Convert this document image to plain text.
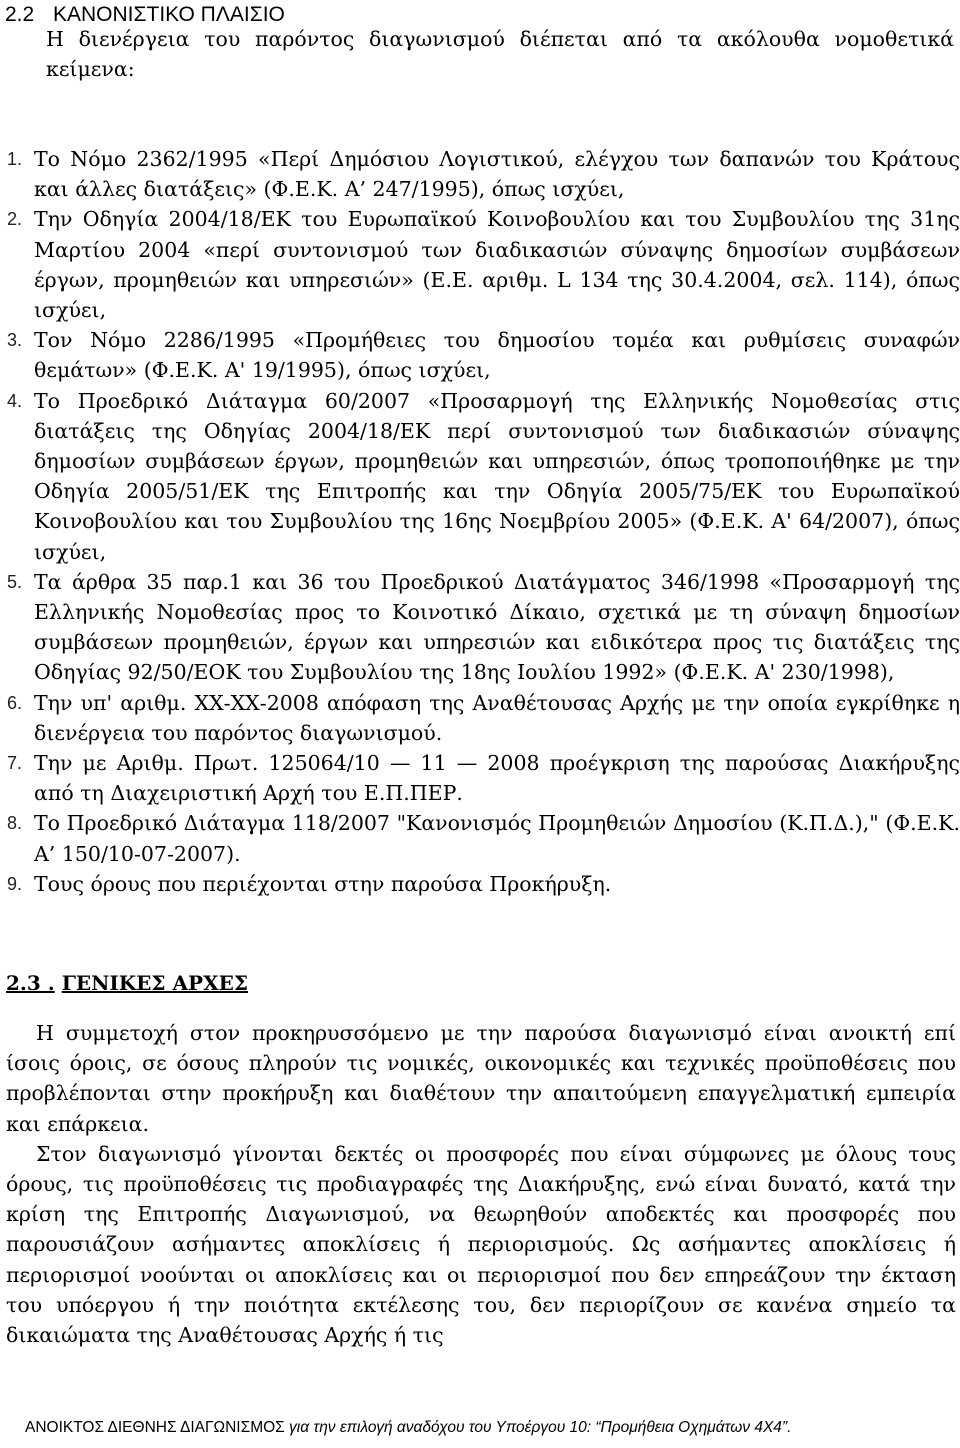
2.2 ΚΑΝΟΝΙΣΤΙΚΟ ΠΛΑΙΣΙΟ
Η διενέργεια του παρόντος διαγωνισμού διέπεται από τα ακόλουθα νομοθετικά κείμενα:
1. Το Νόμο 2362/1995 «Περί Δημόσιου Λογιστικού, ελέγχου των δαπανών του Κράτους και άλλες διατάξεις» (Φ.Ε.Κ. Α’ 247/1995), όπως ισχύει,
2. Την Οδηγία 2004/18/ΕΚ του Ευρωπαϊκού Κοινοβουλίου και του Συμβουλίου της 31ης Μαρτίου 2004 «περί συντονισμού των διαδικασιών σύναψης δημοσίων συμβάσεων έργων, προμηθειών και υπηρεσιών» (Ε.Ε. αριθμ. L 134 της 30.4.2004, σελ. 114), όπως ισχύει,
3. Τον Νόμο 2286/1995 «Προμήθειες του δημοσίου τομέα και ρυθμίσεις συναφών θεμάτων» (Φ.Ε.Κ. Α' 19/1995), όπως ισχύει,
4. Το Προεδρικό Διάταγμα 60/2007 «Προσαρμογή της Ελληνικής Νομοθεσίας στις διατάξεις της Οδηγίας 2004/18/ΕΚ περί συντονισμού των διαδικασιών σύναψης δημοσίων συμβάσεων έργων, προμηθειών και υπηρεσιών, όπως τροποποιήθηκε με την Οδηγία 2005/51/ΕΚ της Επιτροπής και την Οδηγία 2005/75/ΕΚ του Ευρωπαϊκού Κοινοβουλίου και του Συμβουλίου της 16ης Νοεμβρίου 2005» (Φ.Ε.Κ. Α' 64/2007), όπως ισχύει,
5. Τα άρθρα 35 παρ.1 και 36 του Προεδρικού Διατάγματος 346/1998 «Προσαρμογή της Ελληνικής Νομοθεσίας προς το Κοινοτικό Δίκαιο, σχετικά με τη σύναψη δημοσίων συμβάσεων προμηθειών, έργων και υπηρεσιών και ειδικότερα προς τις διατάξεις της Οδηγίας 92/50/ΕΟΚ του Συμβουλίου της 18ης Ιουλίου 1992» (Φ.Ε.Κ. Α' 230/1998),
6. Την υπ' αριθμ. ΧΧ-ΧΧ-2008 απόφαση της Αναθέτουσας Αρχής με την οποία εγκρίθηκε η διενέργεια του παρόντος διαγωνισμού.
7. Την με Αριθμ. Πρωτ. 125064/10 — 11 — 2008 προέγκριση της παρούσας Διακήρυξης από τη Διαχειριστική Αρχή του Ε.Π.ΠΕΡ.
8. Το Προεδρικό Διάταγμα 118/2007 "Κανονισμός Προμηθειών Δημοσίου (Κ.Π.Δ.)," (Φ.Ε.Κ. Α’ 150/10-07-2007).
9. Τους όρους που περιέχονται στην παρούσα Προκήρυξη.
2.3 . ΓΕΝΙΚΕΣ ΑΡΧΕΣ

Η συμμετοχή στον προκηρυσσόμενο με την παρούσα διαγωνισμό είναι ανοικτή επί ίσοις όροις, σε όσους πληρούν τις νομικές, οικονομικές και τεχνικές προϋποθέσεις που προβλέπονται στην προκήρυξη και διαθέτουν την απαιτούμενη επαγγελματική εμπειρία και επάρκεια.

Στον διαγωνισμό γίνονται δεκτές οι προσφορές που είναι σύμφωνες με όλους τους όρους, τις προϋποθέσεις τις προδιαγραφές της Διακήρυξης, ενώ είναι δυνατό, κατά την κρίση της Επιτροπής Διαγωνισμού, να θεωρηθούν αποδεκτές και προσφορές που παρουσιάζουν ασήμαντες αποκλίσεις ή περιορισμούς. Ως ασήμαντες αποκλίσεις ή περιορισμοί νοούνται οι αποκλίσεις και οι περιορισμοί που δεν επηρεάζουν την έκταση του υπόεργου ή την ποιότητα εκτέλεσης του, δεν περιορίζουν σε κανένα σημείο τα δικαιώματα της Αναθέτουσας Αρχής ή τις

ΑΝΟΙΚΤΟΣ ΔΙΕΘΝΗΣ ΔΙΑΓΩΝΙΣΜΟΣ για την επιλογή αναδόχου του Υποέργου 10: “Προμήθεια Οχημάτων 4Χ4”.
